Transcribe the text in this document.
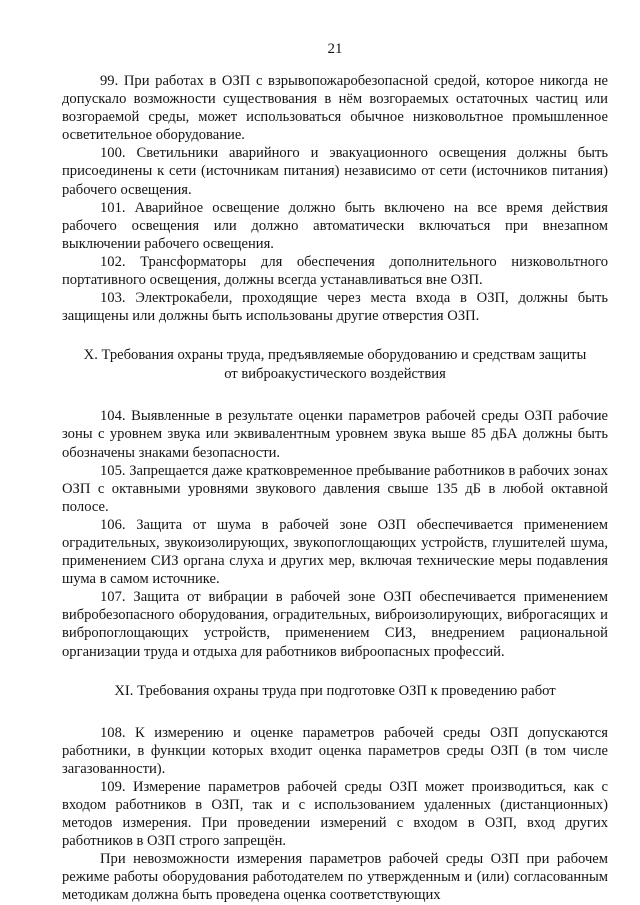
21

99. При работах в ОЗП с взрывопожаробезопасной средой, которое никогда не допускало возможности существования в нём возгораемых остаточных частиц или возгораемой среды, может использоваться обычное низковольтное промышленное осветительное оборудование.

100. Светильники аварийного и эвакуационного освещения должны быть присоединены к сети (источникам питания) независимо от сети (источников питания) рабочего освещения.

101. Аварийное освещение должно быть включено на все время действия рабочего освещения или должно автоматически включаться при внезапном выключении рабочего освещения.

102. Трансформаторы для обеспечения дополнительного низковольтного портативного освещения, должны всегда устанавливаться вне ОЗП.

103. Электрокабели, проходящие через места входа в ОЗП, должны быть защищены или должны быть использованы другие отверстия ОЗП.

X. Требования охраны труда, предъявляемые оборудованию и средствам защиты от виброакустического воздействия

104. Выявленные в результате оценки параметров рабочей среды ОЗП рабочие зоны с уровнем звука или эквивалентным уровнем звука выше 85 дБА должны быть обозначены знаками безопасности.

105. Запрещается даже кратковременное пребывание работников в рабочих зонах ОЗП с октавными уровнями звукового давления свыше 135 дБ в любой октавной полосе.

106. Защита от шума в рабочей зоне ОЗП обеспечивается применением оградительных, звукоизолирующих, звукопоглощающих устройств, глушителей шума, применением СИЗ органа слуха и других мер, включая технические меры подавления шума в самом источнике.

107. Защита от вибрации в рабочей зоне ОЗП обеспечивается применением вибробезопасного оборудования, оградительных, виброизолирующих, виброгасящих и вибропоглощающих устройств, применением СИЗ, внедрением рациональной организации труда и отдыха для работников виброопасных профессий.

XI. Требования охраны труда при подготовке ОЗП к проведению работ

108. К измерению и оценке параметров рабочей среды ОЗП допускаются работники, в функции которых входит оценка параметров среды ОЗП (в том числе загазованности).

109. Измерение параметров рабочей среды ОЗП может производиться, как с входом работников в ОЗП, так и с использованием удаленных (дистанционных) методов измерения. При проведении измерений с входом в ОЗП, вход других работников в ОЗП строго запрещён.

При невозможности измерения параметров рабочей среды ОЗП при рабочем режиме работы оборудования работодателем по утвержденным и (или) согласованным методикам должна быть проведена оценка соответствующих
